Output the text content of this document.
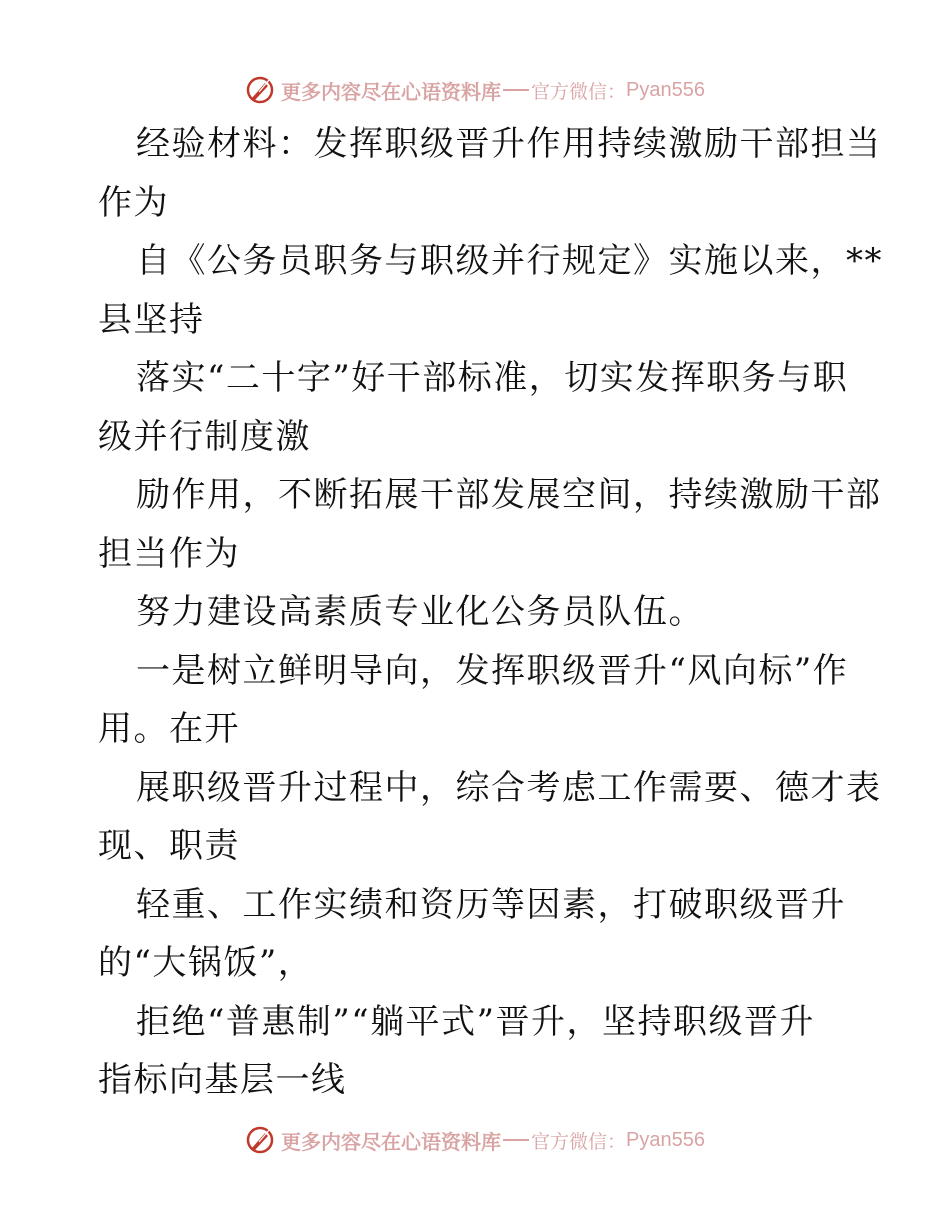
更多内容尽在心语资料库 官方微信： Pyan556
经验材料：发挥职级晋升作用持续激励干部担当
作为
自《公务员职务与职级并行规定》实施以来，**
县坚持
落实“二十字”好干部标准，切实发挥职务与职
级并行制度激
励作用，不断拓展干部发展空间，持续激励干部
担当作为
努力建设高素质专业化公务员队伍。
一是树立鲜明导向，发挥职级晋升“风向标”作
用。在开
展职级晋升过程中，综合考虑工作需要、德才表
现、职责
轻重、工作实绩和资历等因素，打破职级晋升
的“大锅饭”，
拒绝“普惠制”“躺平式”晋升，坚持职级晋升
指标向基层一线
更多内容尽在心语资料库 官方微信： Pyan556
